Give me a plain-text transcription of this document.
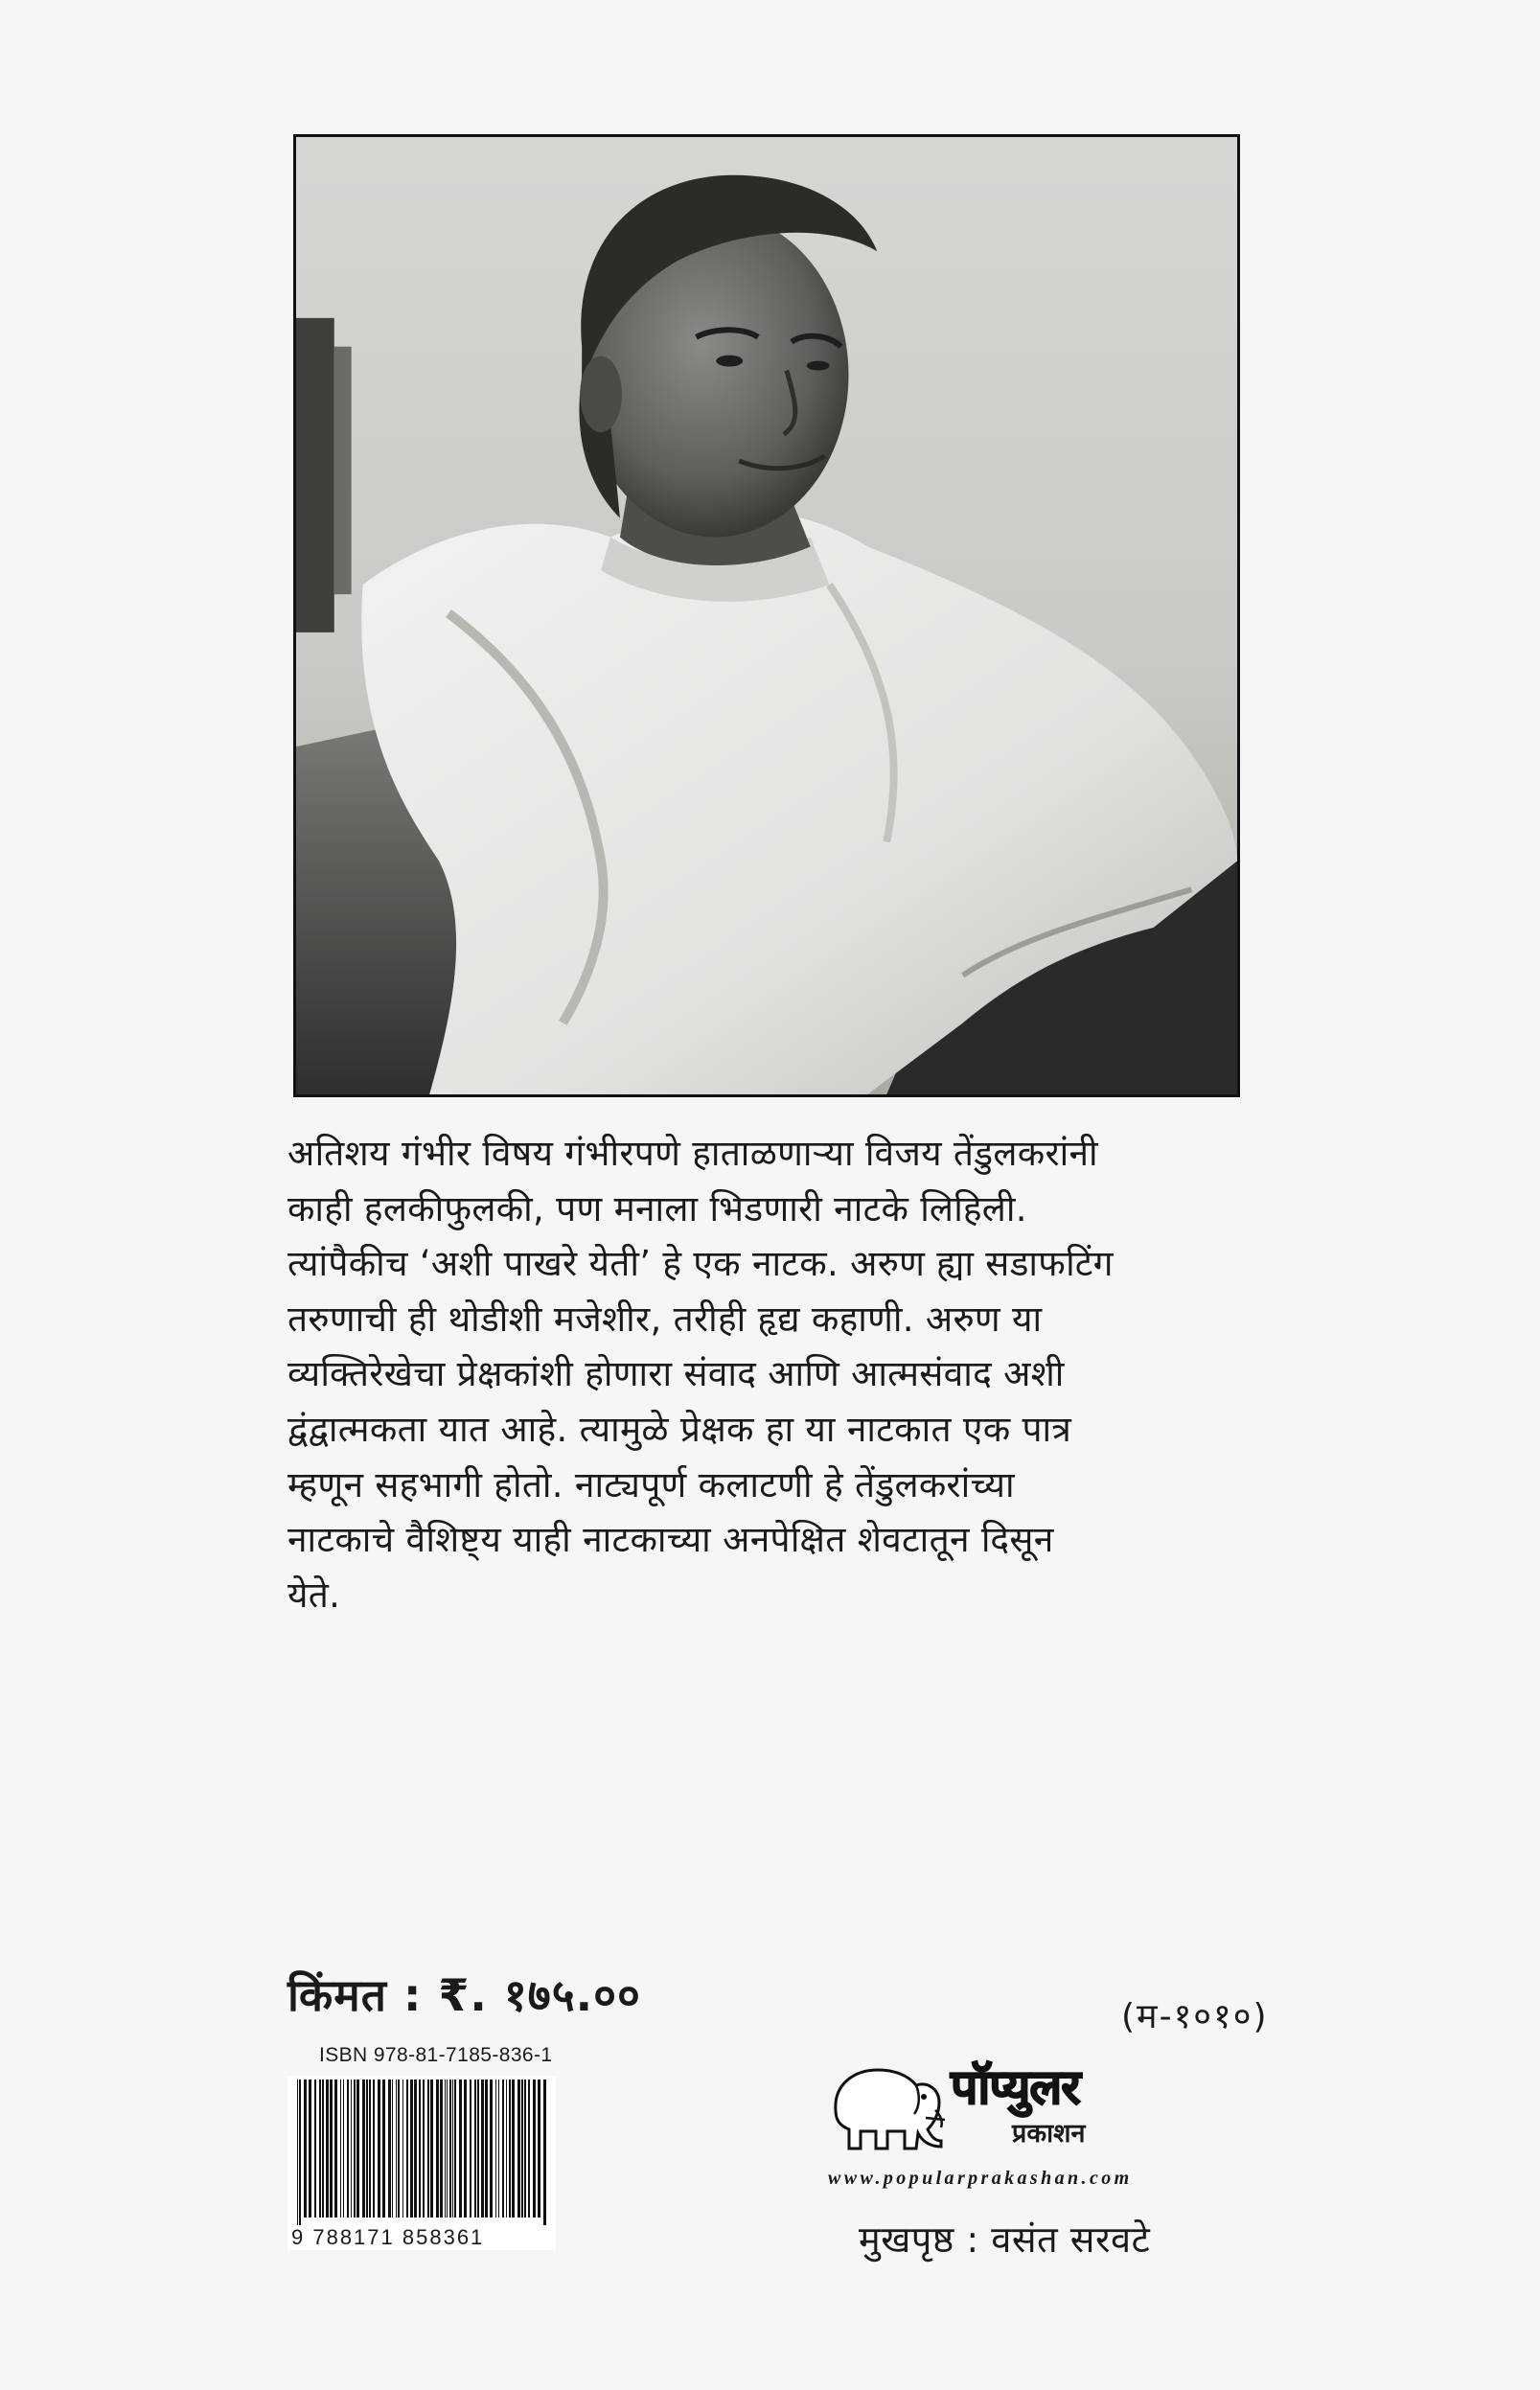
अतिशय गंभीर विषय गंभीरपणे हाताळणाऱ्या विजय तेंडुलकरांनी
काही हलकीफुलकी, पण मनाला भिडणारी नाटके लिहिली.
त्यांपैकीच ‘अशी पाखरे येती’ हे एक नाटक. अरुण ह्या सडाफटिंग
तरुणाची ही थोडीशी मजेशीर, तरीही हृद्य कहाणी. अरुण या
व्यक्तिरेखेचा प्रेक्षकांशी होणारा संवाद आणि आत्मसंवाद अशी
द्वंद्वात्मकता यात आहे. त्यामुळे प्रेक्षक हा या नाटकात एक पात्र
म्हणून सहभागी होतो. नाट्यपूर्ण कलाटणी हे तेंडुलकरांच्या
नाटकाचे वैशिष्ट्य याही नाटकाच्या अनपेक्षित शेवटातून दिसून
येते.
किंमत : ₹. १७५.००	(म-१०१०)
ISBN 978-81-7185-836-1
9 788171 858361
पॉप्युलर
प्रकाशन
www.popularprakashan.com
मुखपृष्ठ : वसंत सरवटे
